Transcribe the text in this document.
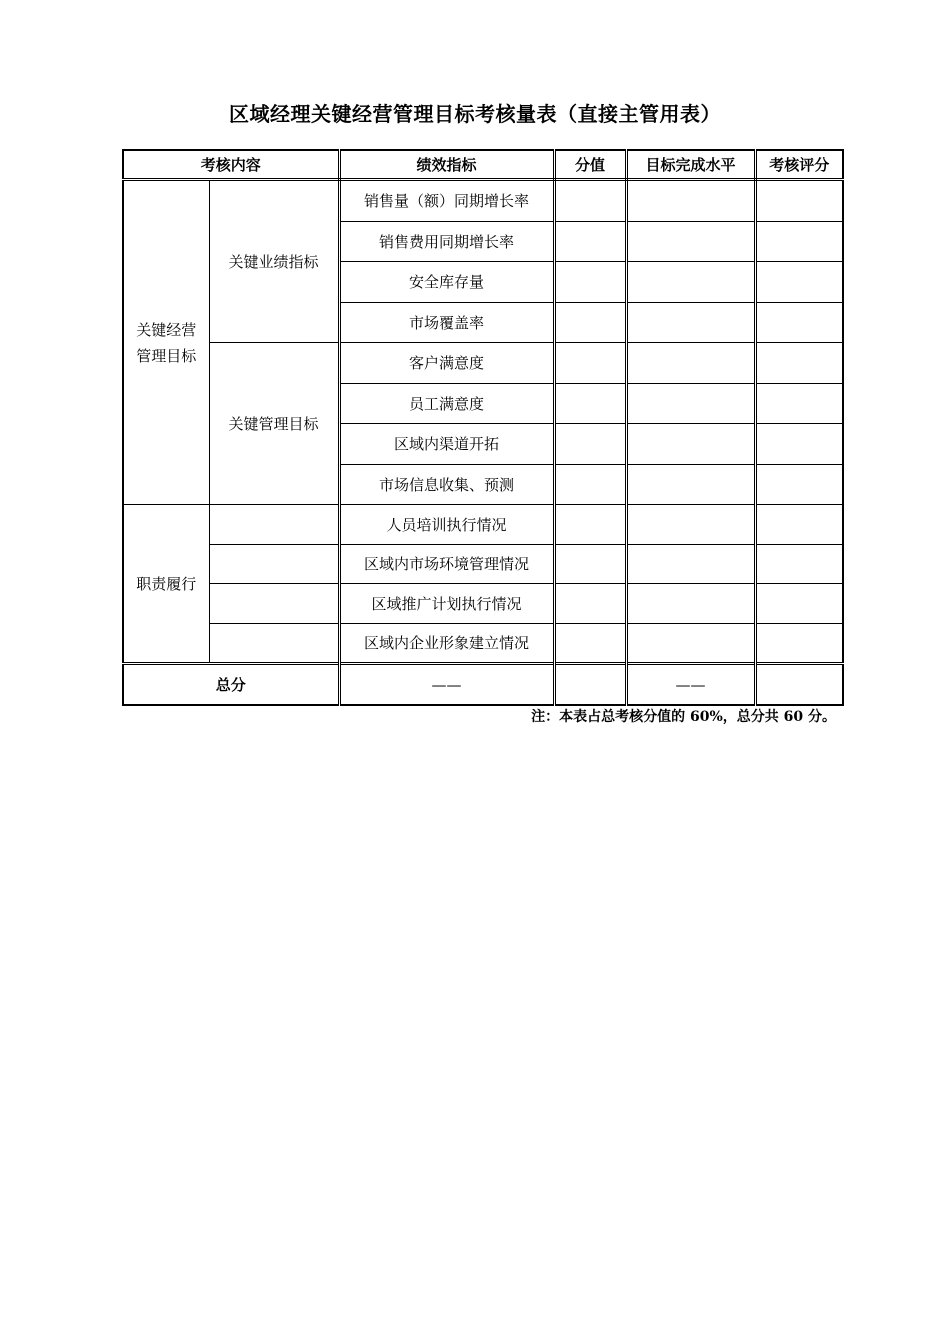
区域经理关键经营管理目标考核量表（直接主管用表）
考核内容		绩效指标	分值	目标完成水平	考核评分
关键经营
管理目标	关键业绩指标	销售量（额）同期增长率			
		销售费用同期增长率			
		安全库存量			
		市场覆盖率			
	关键管理目标	客户满意度			
		员工满意度			
		区域内渠道开拓			
		市场信息收集、预测			
职责履行		人员培训执行情况			
		区域内市场环境管理情况			
		区域推广计划执行情况			
		区域内企业形象建立情况			
总分		——		——	
注：本表占总考核分值的 60%，总分共 60 分。
